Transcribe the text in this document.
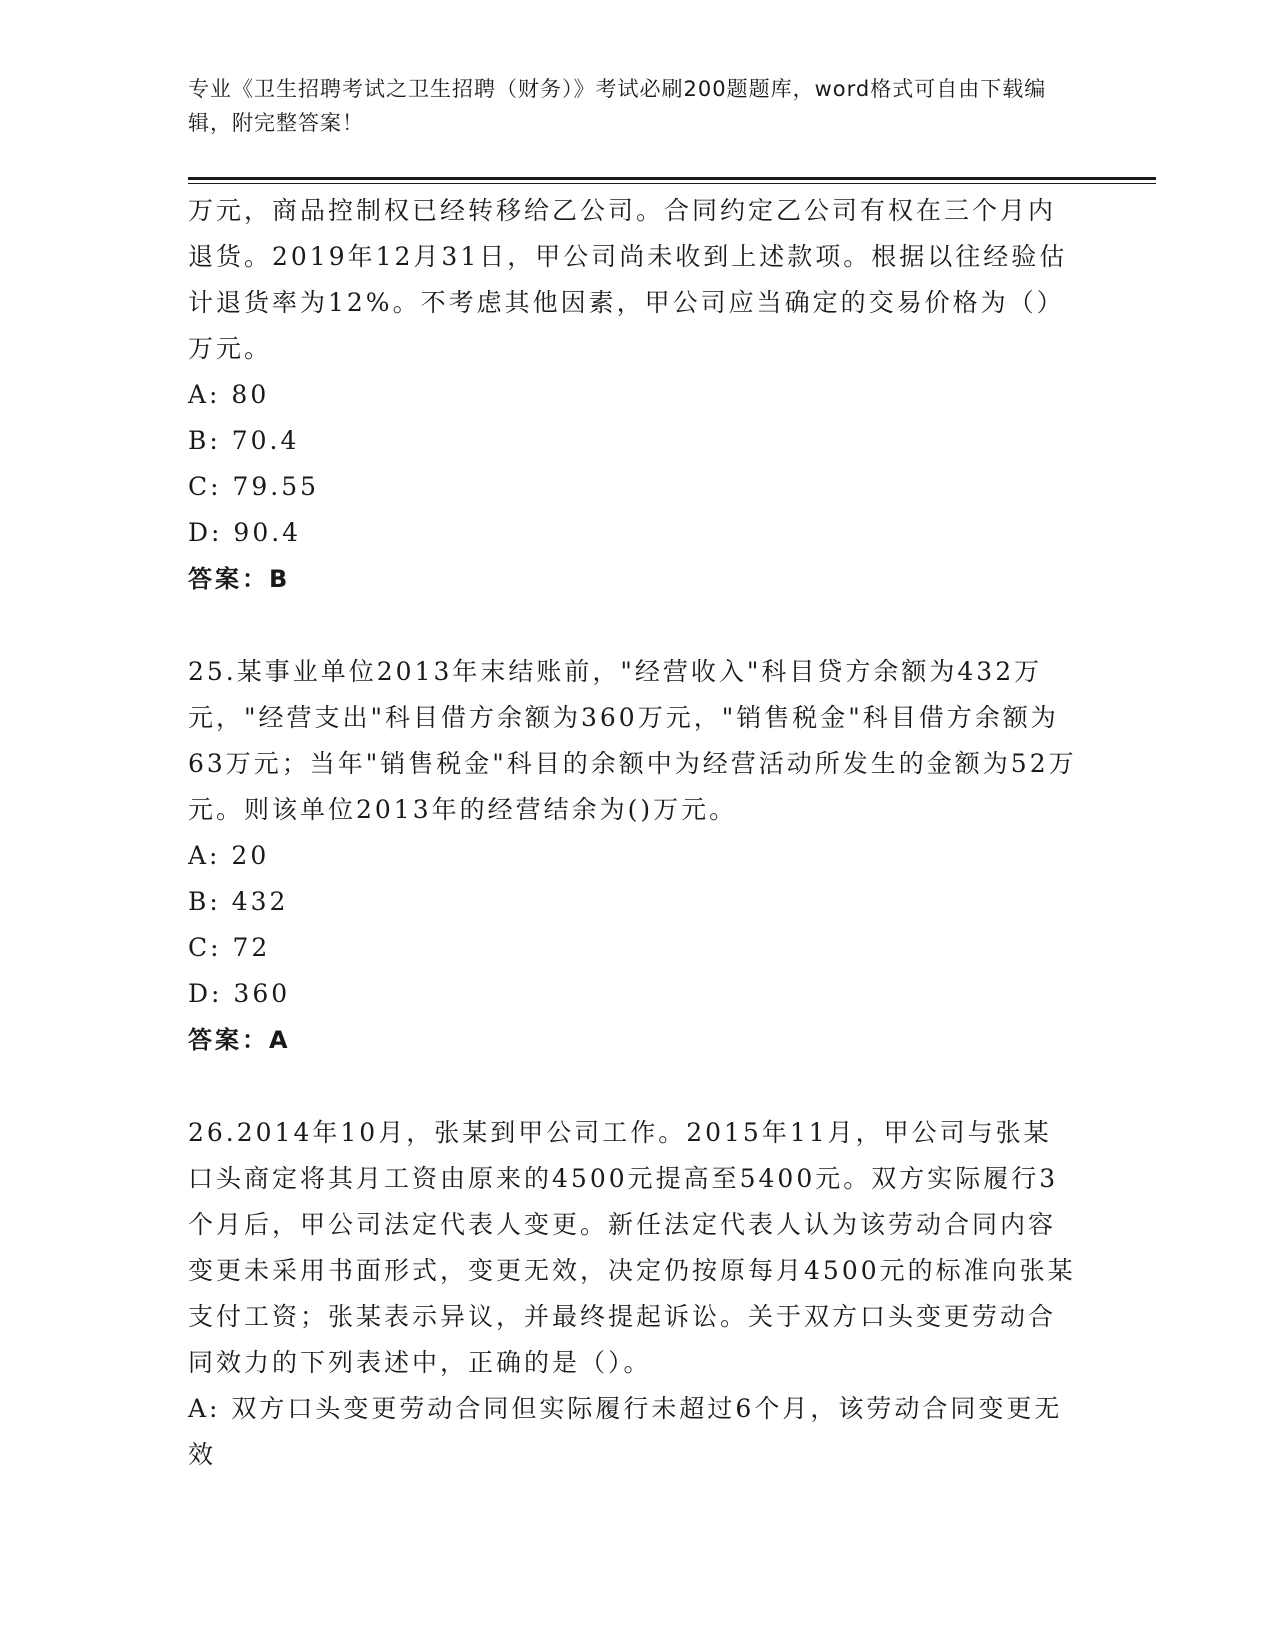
专业《卫生招聘考试之卫生招聘（财务）》考试必刷200题题库，word格式可自由下载编辑，附完整答案！

万元，商品控制权已经转移给乙公司。合同约定乙公司有权在三个月内退货。2019年12月31日，甲公司尚未收到上述款项。根据以往经验估计退货率为12%。不考虑其他因素，甲公司应当确定的交易价格为（）万元。

A: 80

B: 70.4

C: 79.55

D: 90.4

答案：B

25.某事业单位2013年末结账前，"经营收入"科目贷方余额为432万元，"经营支出"科目借方余额为360万元，"销售税金"科目借方余额为63万元；当年"销售税金"科目的余额中为经营活动所发生的金额为52万元。则该单位2013年的经营结余为()万元。

A: 20

B: 432

C: 72

D: 360

答案：A

26.2014年10月，张某到甲公司工作。2015年11月，甲公司与张某口头商定将其月工资由原来的4500元提高至5400元。双方实际履行3个月后，甲公司法定代表人变更。新任法定代表人认为该劳动合同内容变更未采用书面形式，变更无效，决定仍按原每月4500元的标准向张某支付工资；张某表示异议，并最终提起诉讼。关于双方口头变更劳动合同效力的下列表述中，正确的是（）。

A: 双方口头变更劳动合同但实际履行未超过6个月，该劳动合同变更无效
